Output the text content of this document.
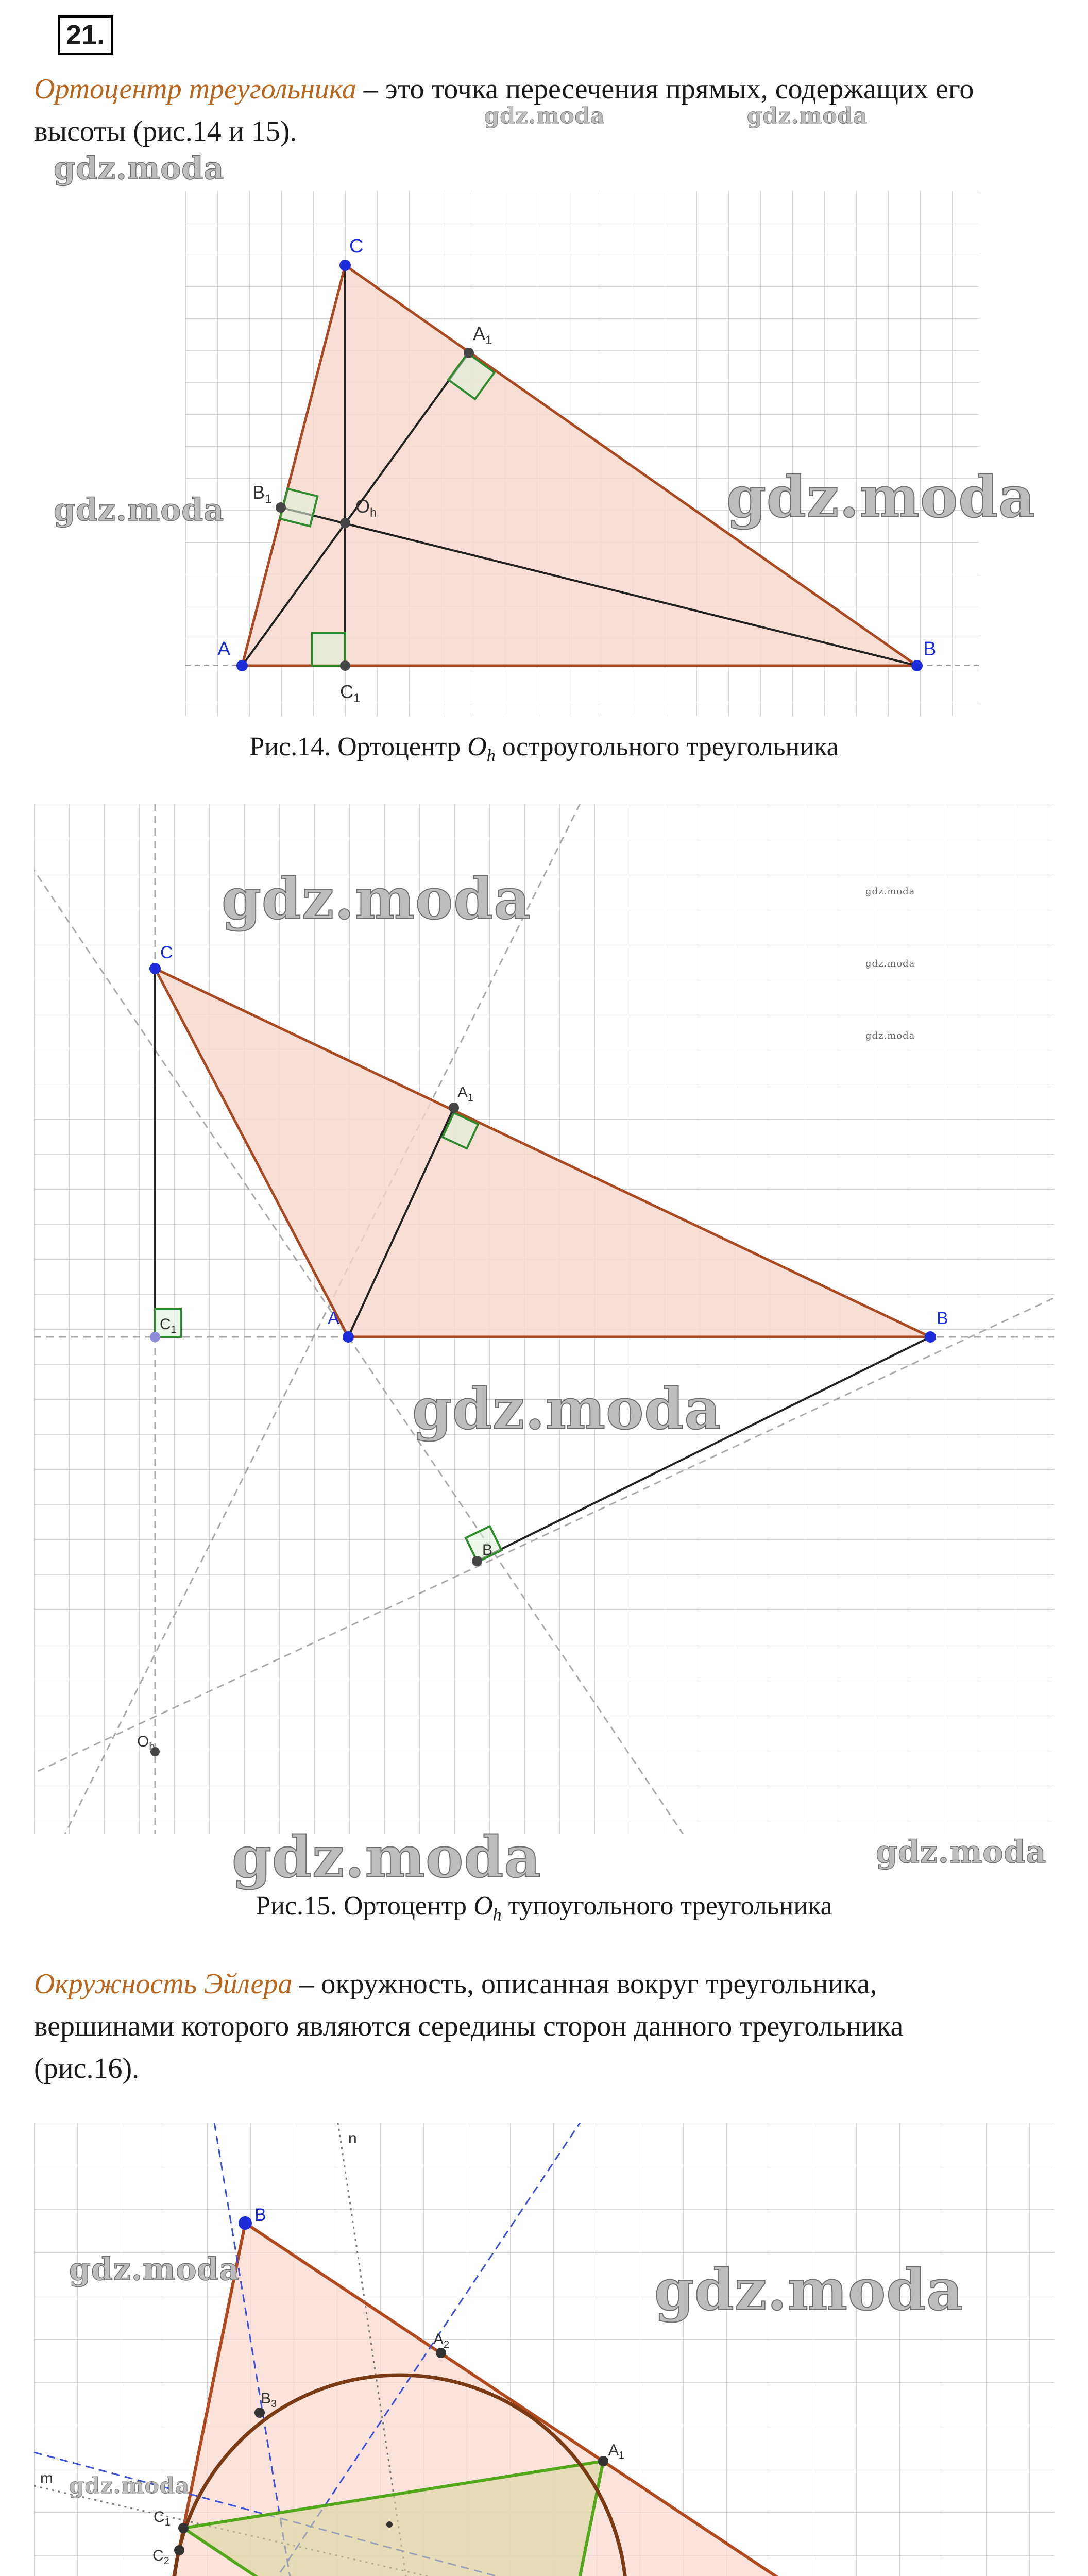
21.
Ортоцентр треугольника – это точка пересечения прямых, содержащих его
высоты (рис.14 и 15).	gdz.moda	gdz.moda
gdz.moda
A	B
C
$A_1$
$B_1$
$C_1$
$O_h$	gdz.moda
gdz.moda
Рис.14. Ортоцентр $O_h$ остроугольного треугольника
A	B
C
$A_1$
B
$C_1$
$O_h$
gdz.moda	gdz.moda
gdz.moda
gdz.moda
gdz.moda
gdz.moda	gdz.moda
Рис.15. Ортоцентр $O_h$ тупоугольного треугольника
Окружность Эйлера – окружность, описанная вокруг треугольника,
вершинами которого являются середины сторон данного треугольника
(рис.16).
B
$A_1$
$C_1$
$A_2$
$C_2$
$B_3$
m
n
gdz.moda	gdz.moda
gdz.moda
